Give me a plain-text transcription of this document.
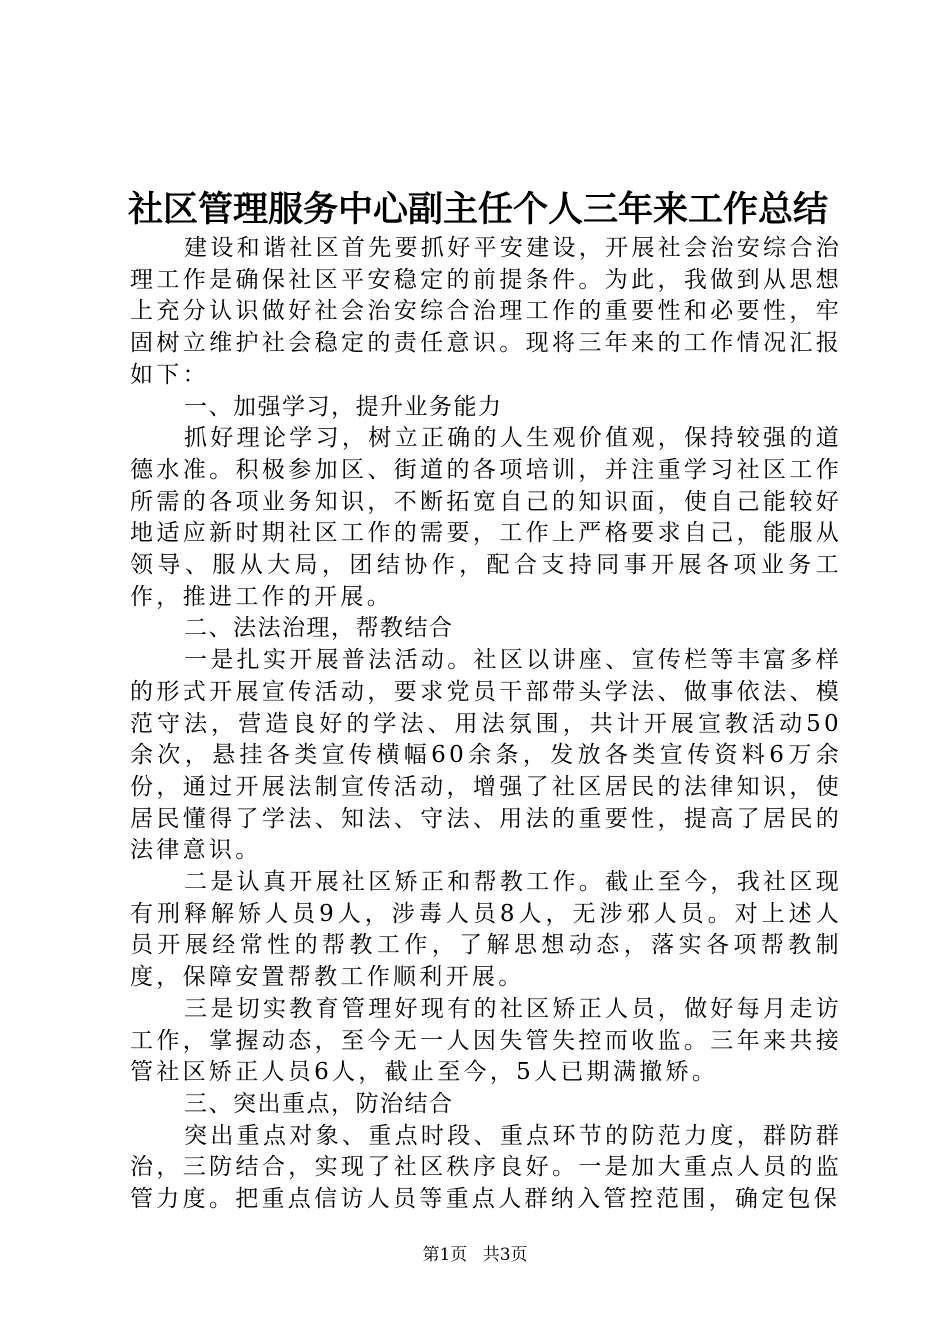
社区管理服务中心副主任个人三年来工作总结

建设和谐社区首先要抓好平安建设，开展社会治安综合治理工作是确保社区平安稳定的前提条件。为此，我做到从思想上充分认识做好社会治安综合治理工作的重要性和必要性，牢固树立维护社会稳定的责任意识。现将三年来的工作情况汇报如下：

一、加强学习，提升业务能力

抓好理论学习，树立正确的人生观价值观，保持较强的道德水准。积极参加区、街道的各项培训，并注重学习社区工作所需的各项业务知识，不断拓宽自己的知识面，使自己能较好地适应新时期社区工作的需要，工作上严格要求自己，能服从领导、服从大局，团结协作，配合支持同事开展各项业务工作，推进工作的开展。

二、法法治理，帮教结合

一是扎实开展普法活动。社区以讲座、宣传栏等丰富多样的形式开展宣传活动，要求党员干部带头学法、做事依法、模范守法，营造良好的学法、用法氛围，共计开展宣教活动50余次，悬挂各类宣传横幅60余条，发放各类宣传资料6万余份，通过开展法制宣传活动，增强了社区居民的法律知识，使居民懂得了学法、知法、守法、用法的重要性，提高了居民的法律意识。

二是认真开展社区矫正和帮教工作。截止至今，我社区现有刑释解矫人员9人，涉毒人员8人，无涉邪人员。对上述人员开展经常性的帮教工作，了解思想动态，落实各项帮教制度，保障安置帮教工作顺利开展。

三是切实教育管理好现有的社区矫正人员，做好每月走访工作，掌握动态，至今无一人因失管失控而收监。三年来共接管社区矫正人员6人，截止至今，5人已期满撤矫。

三、突出重点，防治结合

突出重点对象、重点时段、重点环节的防范力度，群防群治，三防结合，实现了社区秩序良好。一是加大重点人员的监管力度。把重点信访人员等重点人群纳入管控范围，确定包保

第1页 共3页
